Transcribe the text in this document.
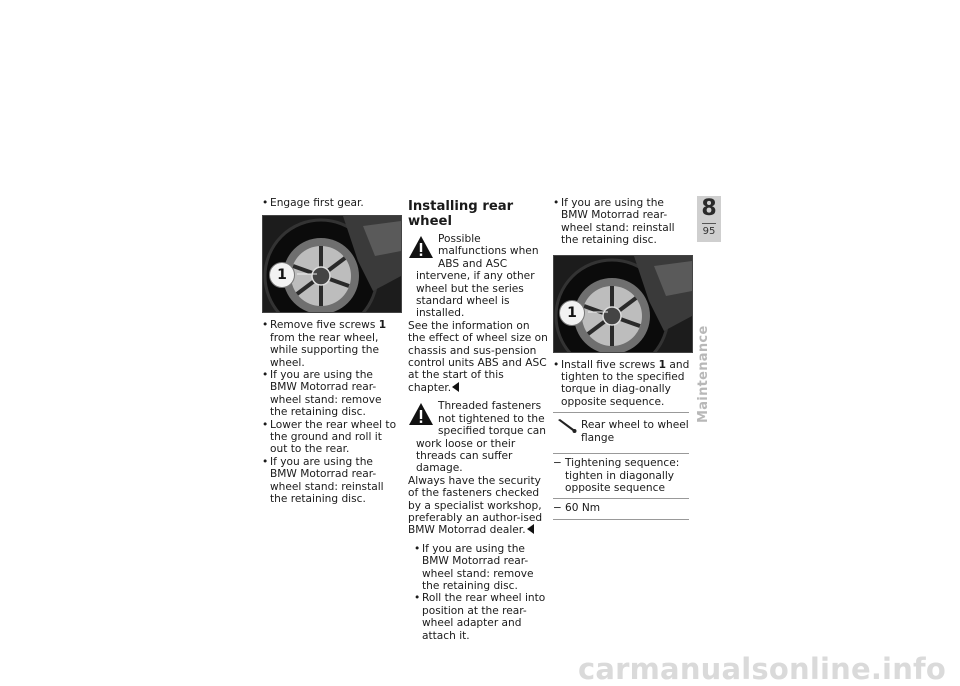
• Engage first gear.
1
• Remove five screws 1 from the rear wheel, while supporting the wheel.
• If you are using the BMW Motorrad rear-wheel stand: remove the retaining disc.
• Lower the rear wheel to the ground and roll it out to the rear.
• If you are using the BMW Motorrad rear-wheel stand: reinstall the retaining disc.
Installing rear wheel

Possible malfunctions when ABS and ASC intervene, if any other wheel but the series standard wheel is installed.

See the information on the effect of wheel size on chassis and sus-pension control units ABS and ASC at the start of this chapter.

Threaded fasteners not tightened to the specified torque can work loose or their threads can suffer damage.

Always have the security of the fasteners checked by a specialist workshop, preferably an author-ised BMW Motorrad dealer.

• If you are using the BMW Motorrad rear-wheel stand: remove the retaining disc.
• Roll the rear wheel into position at the rear-wheel adapter and attach it.
• If you are using the BMW Motorrad rear-wheel stand: reinstall the retaining disc.
1
• Install five screws 1 and tighten to the specified torque in diag-onally opposite sequence.
Rear wheel to wheel flange
− Tightening sequence: tighten in diagonally opposite sequence
− 60 Nm
8
95
Maintenance
carmanualsonline.info
